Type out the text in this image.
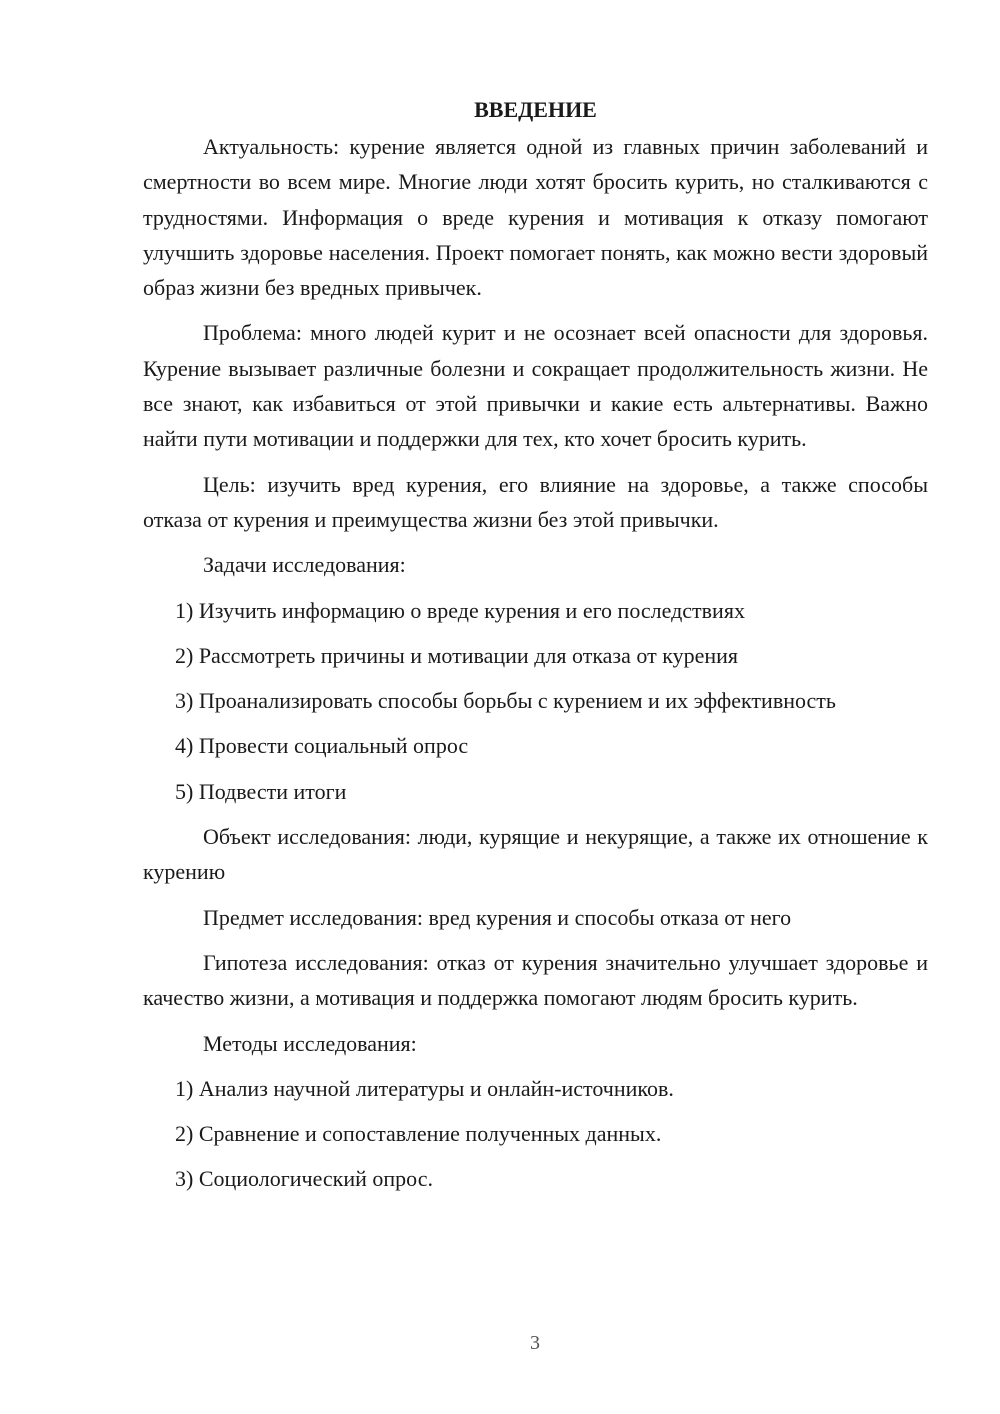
ВВЕДЕНИЕ

Актуальность: курение является одной из главных причин заболеваний и смертности во всем мире. Многие люди хотят бросить курить, но сталкиваются с трудностями. Информация о вреде курения и мотивация к отказу помогают улучшить здоровье населения. Проект помогает понять, как можно вести здоровый образ жизни без вредных привычек.

Проблема: много людей курит и не осознает всей опасности для здоровья. Курение вызывает различные болезни и сокращает продолжительность жизни. Не все знают, как избавиться от этой привычки и какие есть альтернативы. Важно найти пути мотивации и поддержки для тех, кто хочет бросить курить.

Цель: изучить вред курения, его влияние на здоровье, а также способы отказа от курения и преимущества жизни без этой привычки.

Задачи исследования:

1) Изучить информацию о вреде курения и его последствиях

2) Рассмотреть причины и мотивации для отказа от курения

3) Проанализировать способы борьбы с курением и их эффективность

4) Провести социальный опрос

5) Подвести итоги

Объект исследования: люди, курящие и некурящие, а также их отношение к курению

Предмет исследования: вред курения и способы отказа от него

Гипотеза исследования: отказ от курения значительно улучшает здоровье и качество жизни, а мотивация и поддержка помогают людям бросить курить.

Методы исследования:

1) Анализ научной литературы и онлайн-источников.

2) Сравнение и сопоставление полученных данных.

3) Социологический опрос.

3
